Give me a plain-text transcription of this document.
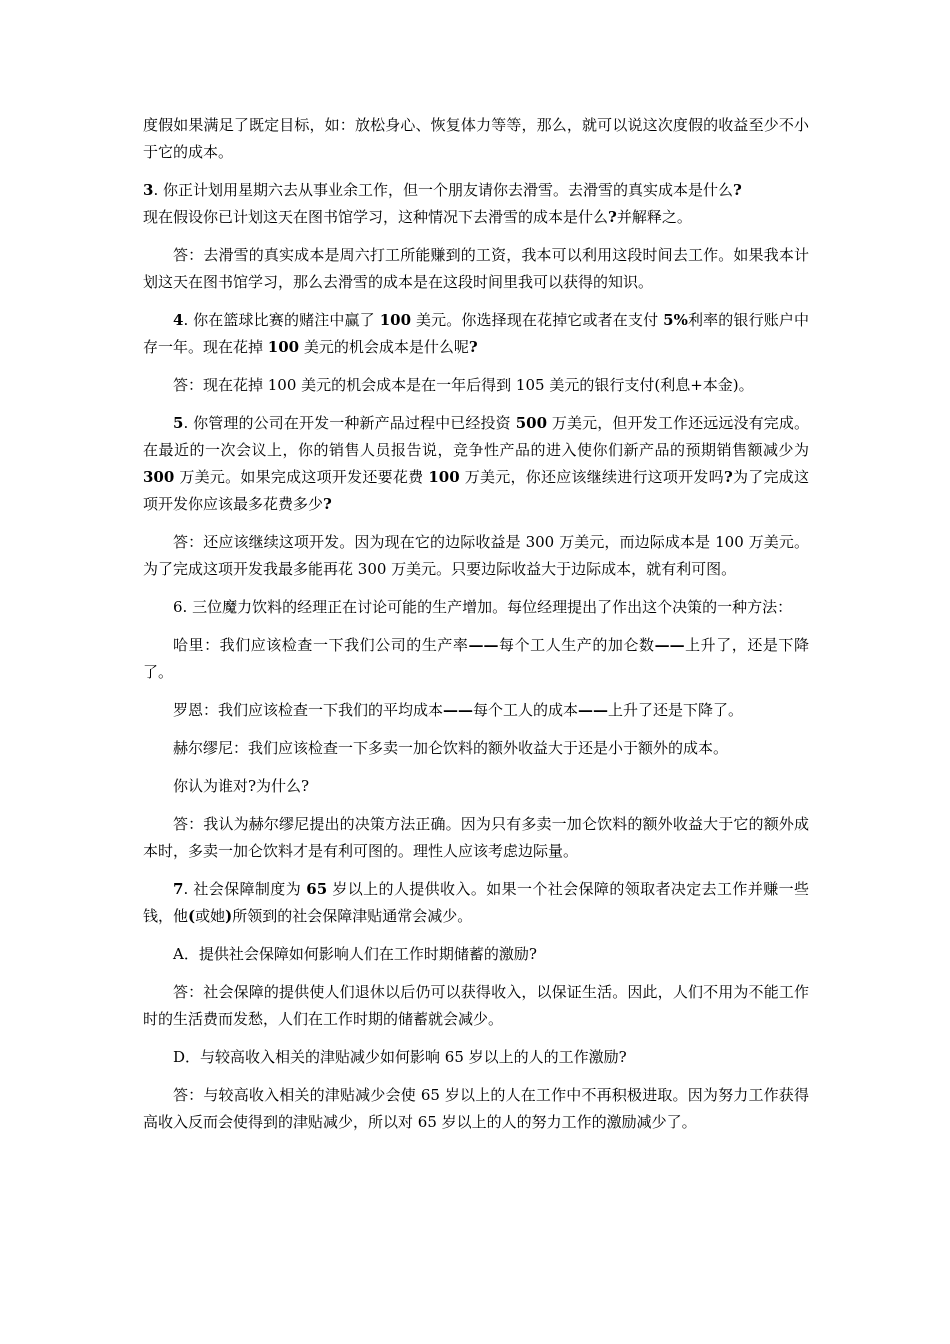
度假如果满足了既定目标，如：放松身心、恢复体力等等，那么，就可以说这次度假的收益至少不小于它的成本。

3. 你正计划用星期六去从事业余工作，但一个朋友请你去滑雪。去滑雪的真实成本是什么?
现在假设你已计划这天在图书馆学习，这种情况下去滑雪的成本是什么?并解释之。

答：去滑雪的真实成本是周六打工所能赚到的工资，我本可以利用这段时间去工作。如果我本计划这天在图书馆学习，那么去滑雪的成本是在这段时间里我可以获得的知识。

4. 你在篮球比赛的赌注中赢了 100 美元。你选择现在花掉它或者在支付 5%利率的银行账户中存一年。现在花掉 100 美元的机会成本是什么呢?

答：现在花掉 100 美元的机会成本是在一年后得到 105 美元的银行支付(利息+本金)。

5. 你管理的公司在开发一种新产品过程中已经投资 500 万美元，但开发工作还远远没有完成。在最近的一次会议上，你的销售人员报告说，竞争性产品的进入使你们新产品的预期销售额减少为 300 万美元。如果完成这项开发还要花费 100 万美元，你还应该继续进行这项开发吗?为了完成这项开发你应该最多花费多少?

答：还应该继续这项开发。因为现在它的边际收益是 300 万美元，而边际成本是 100 万美元。为了完成这项开发我最多能再花 300 万美元。只要边际收益大于边际成本，就有利可图。

6. 三位魔力饮料的经理正在讨论可能的生产增加。每位经理提出了作出这个决策的一种方法：

哈里：我们应该检查一下我们公司的生产率——每个工人生产的加仑数——上升了，还是下降了。

罗恩：我们应该检查一下我们的平均成本——每个工人的成本——上升了还是下降了。

赫尔缪尼：我们应该检查一下多卖一加仑饮料的额外收益大于还是小于额外的成本。

你认为谁对?为什么?

答：我认为赫尔缪尼提出的决策方法正确。因为只有多卖一加仑饮料的额外收益大于它的额外成本时，多卖一加仑饮料才是有利可图的。理性人应该考虑边际量。

7. 社会保障制度为 65 岁以上的人提供收入。如果一个社会保障的领取者决定去工作并赚一些钱，他(或她)所领到的社会保障津贴通常会减少。

A．提供社会保障如何影响人们在工作时期储蓄的激励?

答：社会保障的提供使人们退休以后仍可以获得收入，以保证生活。因此，人们不用为不能工作时的生活费而发愁，人们在工作时期的储蓄就会减少。

D．与较高收入相关的津贴减少如何影响 65 岁以上的人的工作激励?

答：与较高收入相关的津贴减少会使 65 岁以上的人在工作中不再积极进取。因为努力工作获得高收入反而会使得到的津贴减少，所以对 65 岁以上的人的努力工作的激励减少了。
